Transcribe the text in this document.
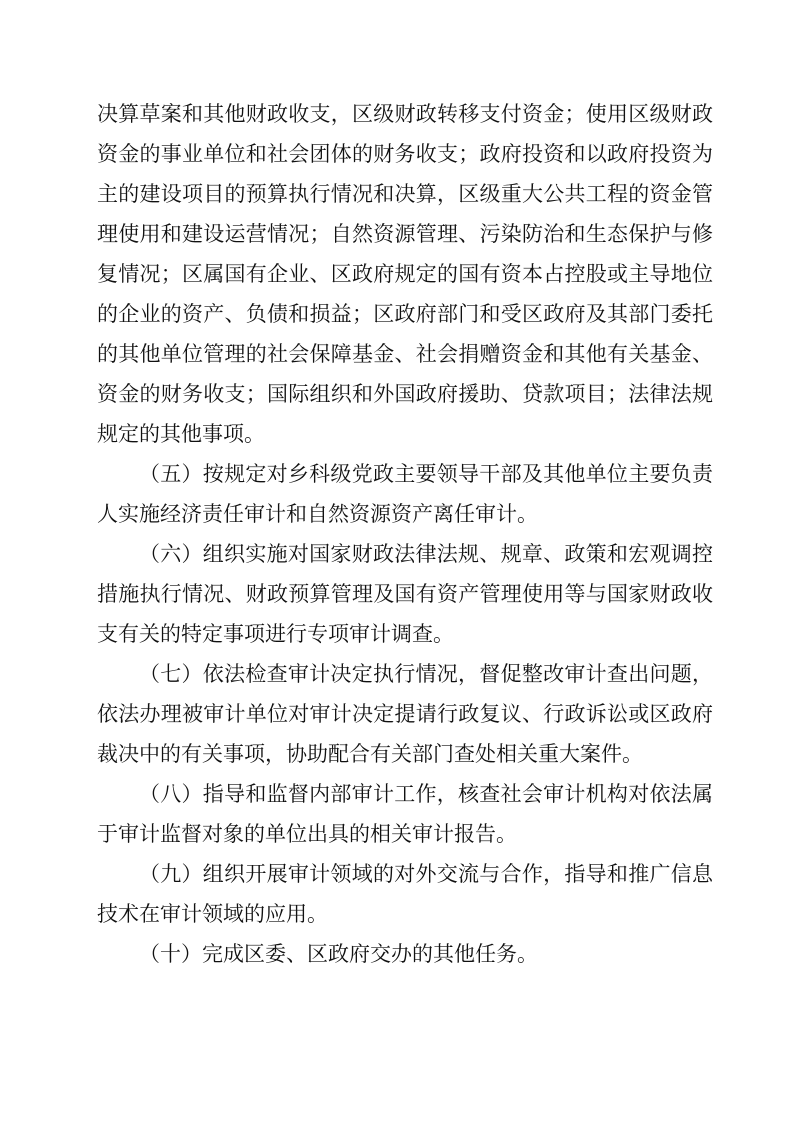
决算草案和其他财政收支，区级财政转移支付资金；使用区级财政

资金的事业单位和社会团体的财务收支；政府投资和以政府投资为

主的建设项目的预算执行情况和决算，区级重大公共工程的资金管

理使用和建设运营情况；自然资源管理、污染防治和生态保护与修

复情况；区属国有企业、区政府规定的国有资本占控股或主导地位

的企业的资产、负债和损益；区政府部门和受区政府及其部门委托

的其他单位管理的社会保障基金、社会捐赠资金和其他有关基金、

资金的财务收支；国际组织和外国政府援助、贷款项目；法律法规

规定的其他事项。

（五）按规定对乡科级党政主要领导干部及其他单位主要负责

人实施经济责任审计和自然资源资产离任审计。

（六）组织实施对国家财政法律法规、规章、政策和宏观调控

措施执行情况、财政预算管理及国有资产管理使用等与国家财政收

支有关的特定事项进行专项审计调查。

（七）依法检查审计决定执行情况，督促整改审计查出问题，

依法办理被审计单位对审计决定提请行政复议、行政诉讼或区政府

裁决中的有关事项，协助配合有关部门查处相关重大案件。

（八）指导和监督内部审计工作，核查社会审计机构对依法属

于审计监督对象的单位出具的相关审计报告。

（九）组织开展审计领域的对外交流与合作，指导和推广信息

技术在审计领域的应用。

（十）完成区委、区政府交办的其他任务。
